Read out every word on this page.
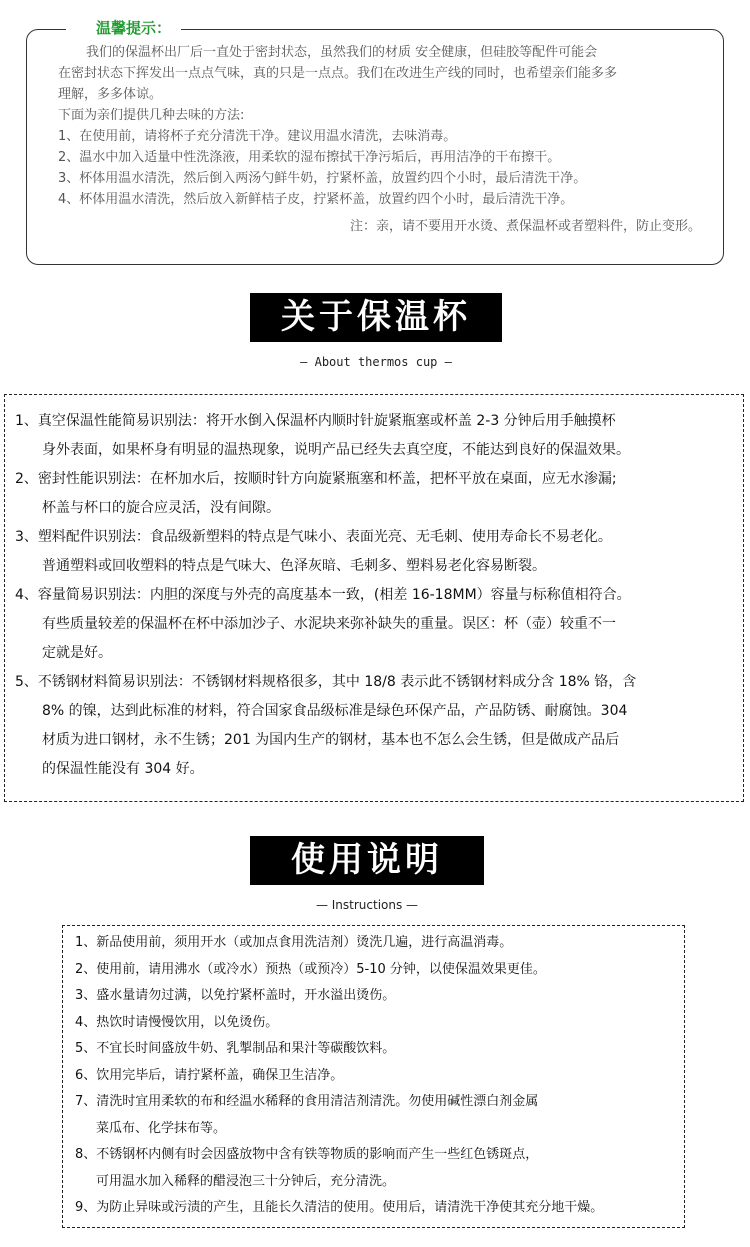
温馨提示：

我们的保温杯出厂后一直处于密封状态，虽然我们的材质 安全健康，但硅胶等配件可能会

在密封状态下挥发出一点点气味，真的只是一点点。我们在改进生产线的同时，也希望亲们能多多

理解，多多体谅。

下面为亲们提供几种去味的方法:

1、在使用前，请将杯子充分清洗干净。建议用温水清洗，去味消毒。

2、温水中加入适量中性洗涤液，用柔软的湿布擦拭干净污垢后，再用洁净的干布擦干。

3、杯体用温水清洗，然后倒入两汤勺鲜牛奶，拧紧杯盖，放置约四个小时，最后清洗干净。

4、杯体用温水清洗，然后放入新鲜桔子皮，拧紧杯盖，放置约四个小时，最后清洗干净。

注：亲，请不要用开水烫、煮保温杯或者塑料件，防止变形。

关于保温杯
— About thermos cup —
1、真空保温性能简易识别法：将开水倒入保温杯内顺时针旋紧瓶塞或杯盖 2-3 分钟后用手触摸杯
身外表面，如果杯身有明显的温热现象，说明产品已经失去真空度，不能达到良好的保温效果。
2、密封性能识别法：在杯加水后，按顺时针方向旋紧瓶塞和杯盖，把杯平放在桌面，应无水渗漏;
杯盖与杯口的旋合应灵活，没有间隙。
3、塑料配件识别法：食品级新塑料的特点是气味小、表面光亮、无毛刺、使用寿命长不易老化。
普通塑料或回收塑料的特点是气味大、色泽灰暗、毛刺多、塑料易老化容易断裂。
4、容量简易识别法：内胆的深度与外壳的高度基本一致，(相差 16-18MM）容量与标称值相符合。
有些质量较差的保温杯在杯中添加沙子、水泥块来弥补缺失的重量。误区：杯（壶）较重不一
定就是好。
5、不锈钢材料简易识别法：不锈钢材料规格很多，其中 18/8 表示此不锈钢材料成分含 18% 铬，含
8% 的镍，达到此标准的材料，符合国家食品级标准是绿色环保产品，产品防锈、耐腐蚀。304
材质为进口钢材，永不生锈；201 为国内生产的钢材，基本也不怎么会生锈，但是做成产品后
的保温性能没有 304 好。
使用说明
— Instructions —
1、新品使用前，须用开水（或加点食用洗洁剂）烫洗几遍，进行高温消毒。
2、使用前，请用沸水（或冷水）预热（或预冷）5-10 分钟，以使保温效果更佳。
3、盛水量请勿过满，以免拧紧杯盖时，开水溢出烫伤。
4、热饮时请慢慢饮用，以免烫伤。
5、不宜长时间盛放牛奶、乳掣制品和果汁等碳酸饮料。
6、饮用完毕后，请拧紧杯盖，确保卫生洁净。
7、清洗时宜用柔软的布和经温水稀释的食用清洁剂清洗。勿使用碱性漂白剂金属
菜瓜布、化学抹布等。
8、不锈钢杯内侧有时会因盛放物中含有铁等物质的影响而产生一些红色锈斑点，
可用温水加入稀释的醋浸泡三十分钟后，充分清洗。
9、为防止异味或污渍的产生，且能长久清洁的使用。使用后，请清洗干净使其充分地干燥。
